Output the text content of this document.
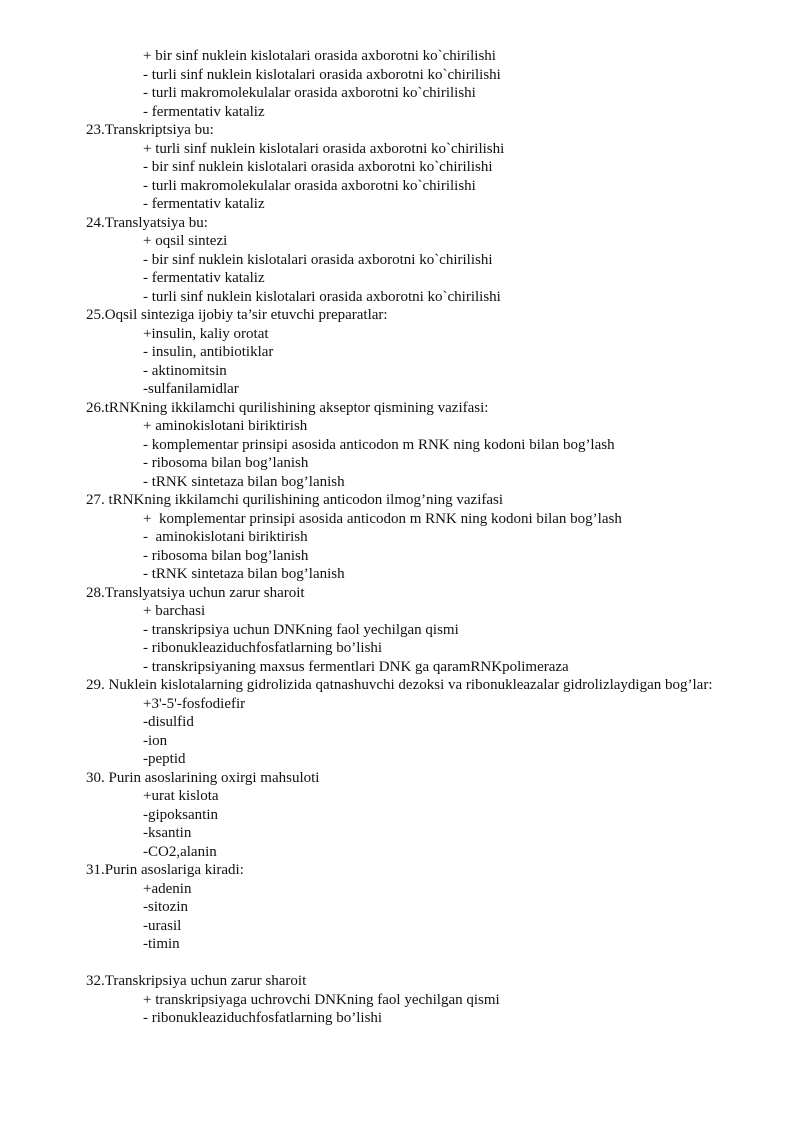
+ bir sinf nuklein kislotalari orasida axborotni ko`chirilishi
- turli sinf nuklein kislotalari orasida axborotni ko`chirilishi
- turli makromolekulalar orasida axborotni ko`chirilishi
- fermentativ kataliz
23.Transkriptsiya bu:
+ turli sinf nuklein kislotalari orasida axborotni ko`chirilishi
- bir sinf nuklein kislotalari orasida axborotni ko`chirilishi
- turli makromolekulalar orasida axborotni ko`chirilishi
- fermentativ kataliz
24.Translyatsiya bu:
+ oqsil sintezi
- bir sinf nuklein kislotalari orasida axborotni ko`chirilishi
- fermentativ kataliz
- turli sinf nuklein kislotalari orasida axborotni ko`chirilishi
25.Oqsil sinteziga ijobiy ta’sir etuvchi preparatlar:
+insulin, kaliy orotat
- insulin, antibiotiklar
- aktinomitsin
-sulfanilamidlar
26.tRNKning ikkilamchi qurilishining akseptor qismining vazifasi:
+ aminokislotani biriktirish
- komplementar prinsipi asosida anticodon m RNK ning kodoni bilan bog’lash
- ribosoma bilan bog’lanish
- tRNK sintetaza bilan bog’lanish
27. tRNKning ikkilamchi qurilishining anticodon ilmog’ning vazifasi
+  komplementar prinsipi asosida anticodon m RNK ning kodoni bilan bog’lash
-  aminokislotani biriktirish
- ribosoma bilan bog’lanish
- tRNK sintetaza bilan bog’lanish
28.Translyatsiya uchun zarur sharoit
+ barchasi
- transkripsiya uchun DNKning faol yechilgan qismi
- ribonukleaziduchfosfatlarning bo’lishi
- transkripsiyaning maxsus fermentlari DNK ga qaramRNKpolimeraza
29. Nuklein kislotalarning gidrolizida qatnashuvchi dezoksi va ribonukleazalar gidrolizlaydigan bog’lar:
+3'-5'-fosfodiefir
-disulfid
-ion
-peptid
30. Purin asoslarining oxirgi mahsuloti
+urat kislota
-gipoksantin
-ksantin
-CO2,alanin
31.Purin asoslariga kiradi:
+adenin
-sitozin
-urasil
-timin
32.Transkripsiya uchun zarur sharoit
+ transkripsiyaga uchrovchi DNKning faol yechilgan qismi
- ribonukleaziduchfosfatlarning bo’lishi
